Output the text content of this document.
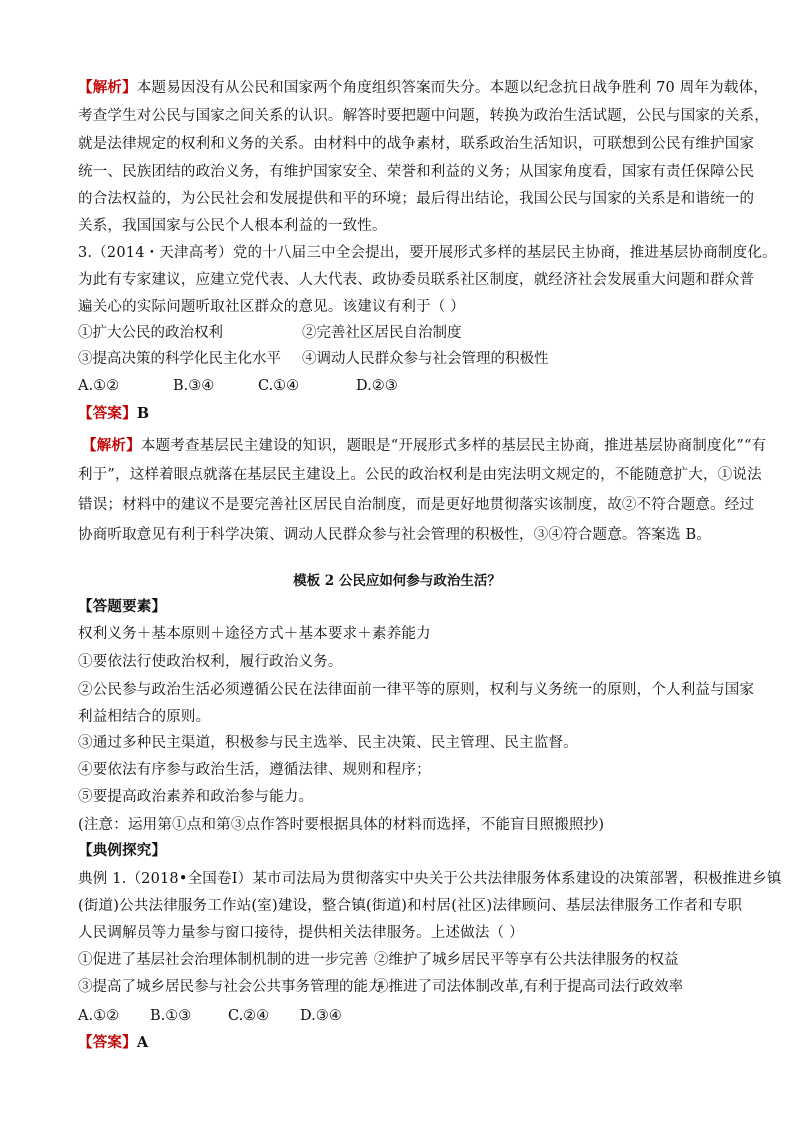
【解析】本题易因没有从公民和国家两个角度组织答案而失分。本题以纪念抗日战争胜利 70 周年为载体，
考查学生对公民与国家之间关系的认识。解答时要把题中问题，转换为政治生活试题，公民与国家的关系，
就是法律规定的权利和义务的关系。由材料中的战争素材，联系政治生活知识，可联想到公民有维护国家
统一、民族团结的政治义务，有维护国家安全、荣誉和利益的义务；从国家角度看，国家有责任保障公民
的合法权益的，为公民社会和发展提供和平的环境；最后得出结论，我国公民与国家的关系是和谐统一的
关系，我国国家与公民个人根本利益的一致性。
3.（2014・天津高考）党的十八届三中全会提出，要开展形式多样的基层民主协商，推进基层协商制度化。
为此有专家建议，应建立党代表、人大代表、政协委员联系社区制度，就经济社会发展重大问题和群众普
遍关心的实际问题听取社区群众的意见。该建议有利于（ ）
①扩大公民的政治权利	②完善社区居民自治制度
③提高决策的科学化民主化水平 ④调动人民群众参与社会管理的积极性
A.①②	B.③④	C.①④	D.②③
【答案】B
【解析】本题考查基层民主建设的知识，题眼是“开展形式多样的基层民主协商，推进基层协商制度化”“有
利于”，这样着眼点就落在基层民主建设上。公民的政治权利是由宪法明文规定的，不能随意扩大，①说法
错误；材料中的建议不是要完善社区居民自治制度，而是更好地贯彻落实该制度，故②不符合题意。经过
协商听取意见有利于科学决策、调动人民群众参与社会管理的积极性，③④符合题意。答案选 B。
模板 2 公民应如何参与政治生活？
【答题要素】
权利义务＋基本原则＋途径方式＋基本要求＋素养能力
①要依法行使政治权利，履行政治义务。
②公民参与政治生活必须遵循公民在法律面前一律平等的原则，权利与义务统一的原则，个人利益与国家
利益相结合的原则。
③通过多种民主渠道，积极参与民主选举、民主决策、民主管理、民主监督。
④要依法有序参与政治生活，遵循法律、规则和程序；
⑤要提高政治素养和政治参与能力。
(注意：运用第①点和第③点作答时要根据具体的材料而选择，不能盲目照搬照抄)
【典例探究】
典例 1.（2018•全国卷Ⅰ）某市司法局为贯彻落实中央关于公共法律服务体系建设的决策部署，积极推进乡镇
(街道)公共法律服务工作站(室)建设，整合镇(街道)和村居(社区)法律顾问、基层法律服务工作者和专职
人民调解员等力量参与窗口接待，提供相关法律服务。上述做法（ ）
①促进了基层社会治理体制机制的进一步完善 ②维护了城乡居民平等享有公共法律服务的权益
③提高了城乡居民参与社会公共事务管理的能力
④推进了司法体制改革,有利于提高司法行政效率
A.①② B.①③	C.②④ D.③④
【答案】A
